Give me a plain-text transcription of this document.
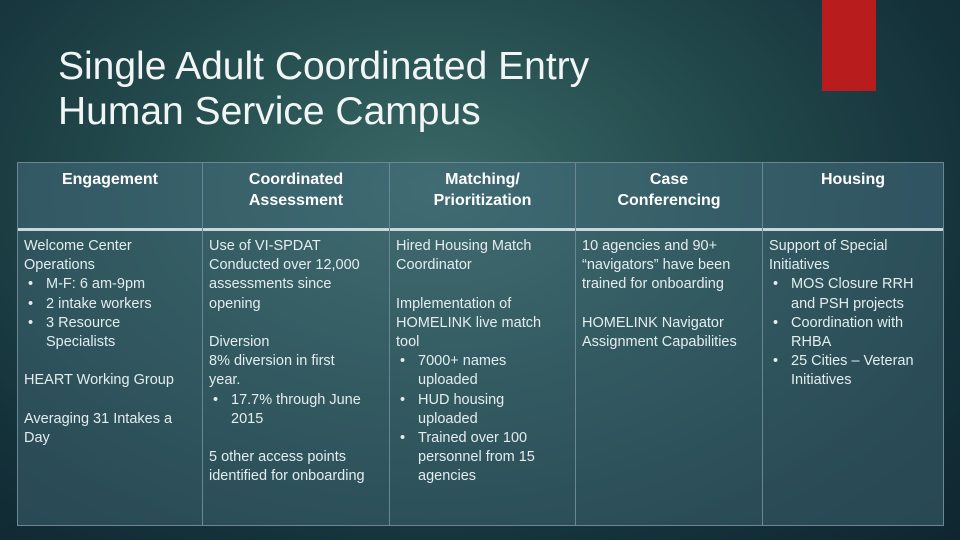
Single Adult Coordinated Entry
Human Service Campus
Engagement

Welcome Center
Operations

• M-F: 6 am-9pm
• 2 intake workers
• 3 Resource
Specialists

HEART Working Group

Averaging 31 Intakes a
Day

Coordinated
Assessment

Use of VI-SPDAT
Conducted over 12,000
assessments since
opening

Diversion
8% diversion in first
year.

• 17.7% through June
2015

5 other access points
identified for onboarding

Matching/
Prioritization

Hired Housing Match
Coordinator

Implementation of
HOMELINK live match
tool

• 7000+ names
uploaded
• HUD housing
uploaded
• Trained over 100
personnel from 15
agencies
Case
Conferencing

10 agencies and 90+
“navigators” have been
trained for onboarding

HOMELINK Navigator
Assignment Capabilities

Housing

Support of Special
Initiatives

• MOS Closure RRH
and PSH projects
• Coordination with
RHBA
• 25 Cities – Veteran
Initiatives
